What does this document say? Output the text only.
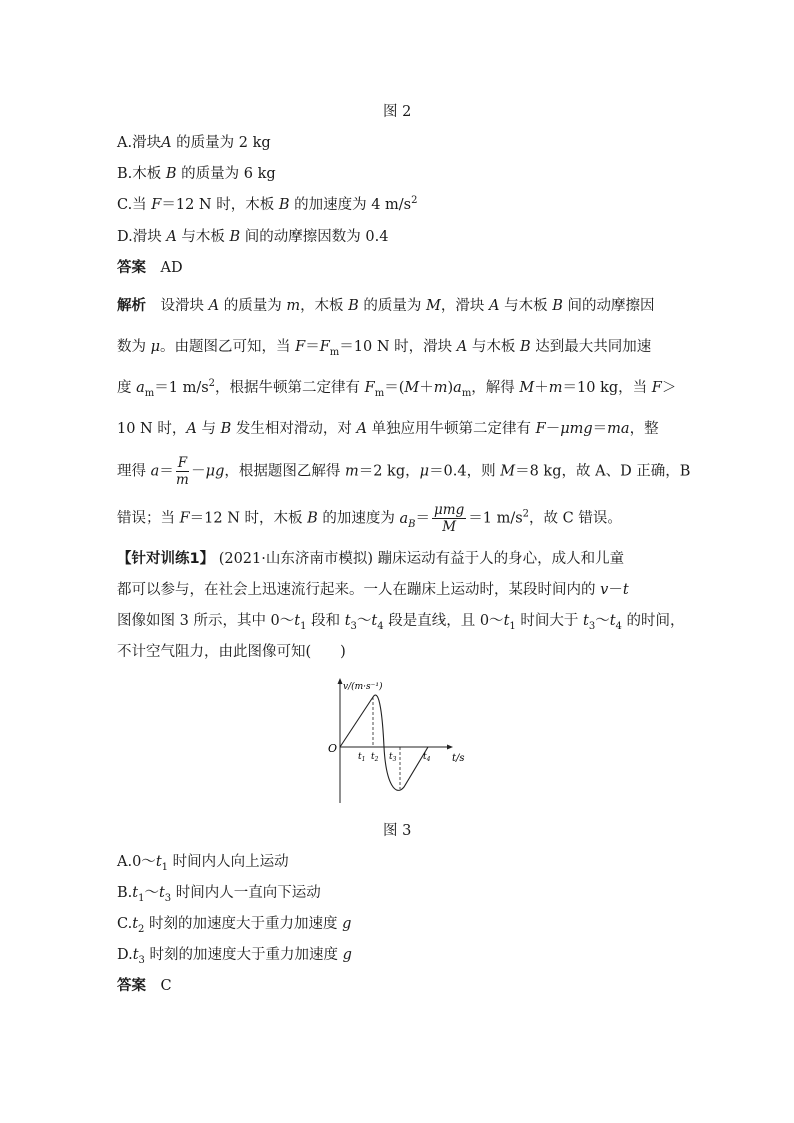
图 2
A.滑块A 的质量为 2 kg
B.木板 B 的质量为 6 kg
C.当 F＝12 N 时，木板 B 的加速度为 4 $m/s^2$
D.滑块 A 与木板 B 间的动摩擦因数为 0.4
答案　 AD
解析　设滑块 A 的质量为 m，木板 B 的质量为 M，滑块 A 与木板 B 间的动摩擦因
数为 μ。由题图乙可知，当 $F=F_m=10$ N 时，滑块 A 与木板 B 达到最大共同加速
度 $a_m=1$ $m/s^2$，根据牛顿第二定律有 $F_m=(M+m)a_m$，解得 M＋m＝10 kg，当 F＞
10 N 时，A 与 B 发生相对滑动，对 A 单独应用牛顿第二定律有 F－μmg＝ma，整
理得 $a= \frac{F}{m} -\mu g$，根据题图乙解得 m＝2 kg，μ＝0.4，则 M＝8 kg，故 A、D 正确，B
错误；当 F＝12 N 时，木板 B 的加速度为 $a_B= \frac{\text{μmg}}{M} =1$ $m/s^2$，故 C 错误。
【针对训练1】 (2021·山东济南市模拟) 蹦床运动有益于人的身心，成人和儿童
都可以参与，在社会上迅速流行起来。一人在蹦床上运动时，某段时间内的 v－t
图像如图 3 所示，其中 $0\sim t_1$ 段和 $t_3\sim t_4$ 段是直线，且 $0\sim t_1$ 时间大于 $t_3\sim t_4$ 的时间，
不计空气阻力，由此图像可知(　　)
v/(m·s⁻¹)
t/s
O
$t_1$ $t_2$ $t_3$	$t_4$
图 3
$A.0\sim t_1$ 时间内人向上运动
$B.t_1\sim t_3$ 时间内人一直向下运动
$C.t_2$ 时刻的加速度大于重力加速度 g
$D.t_3$ 时刻的加速度大于重力加速度 g
答案　 C
